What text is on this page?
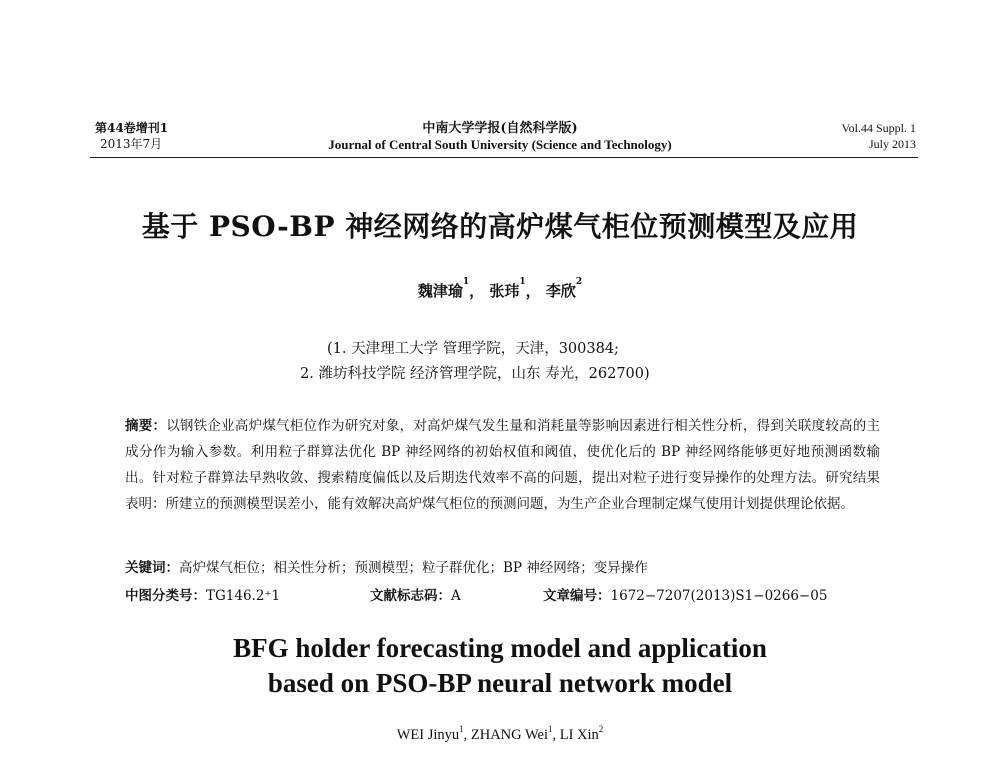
第44卷增刊1
2013年7月
中南大学学报(自然科学版)
Journal of Central South University (Science and Technology)
Vol.44 Suppl. 1
July 2013
基于 PSO-BP 神经网络的高炉煤气柜位预测模型及应用
魏津瑜$^1$， 张玮$^1$， 李欣$^2$
(1. 天津理工大学 管理学院，天津，300384;
2. 潍坊科技学院 经济管理学院，山东 寿光，262700)

摘要：以钢铁企业高炉煤气柜位作为研究对象，对高炉煤气发生量和消耗量等影响因素进行相关性分析，得到关联度较高的主成分作为输入参数。利用粒子群算法优化 BP 神经网络的初始权值和阈值，使优化后的 BP 神经网络能够更好地预测函数输出。针对粒子群算法早熟收敛、搜索精度偏低以及后期迭代效率不高的问题，提出对粒子进行变异操作的处理方法。研究结果表明：所建立的预测模型误差小，能有效解决高炉煤气柜位的预测问题，为生产企业合理制定煤气使用计划提供理论依据。

关键词：高炉煤气柜位；相关性分析；预测模型；粒子群优化；BP 神经网络；变异操作
中图分类号：TG146.2⁺1	文献标志码：A	文章编号：1672−7207(2013)S1−0266−05
BFG holder forecasting model and application
based on PSO-BP neural network model
WEI Jinyu$^1$, ZHANG Wei$^1$, LI Xin$^2$
